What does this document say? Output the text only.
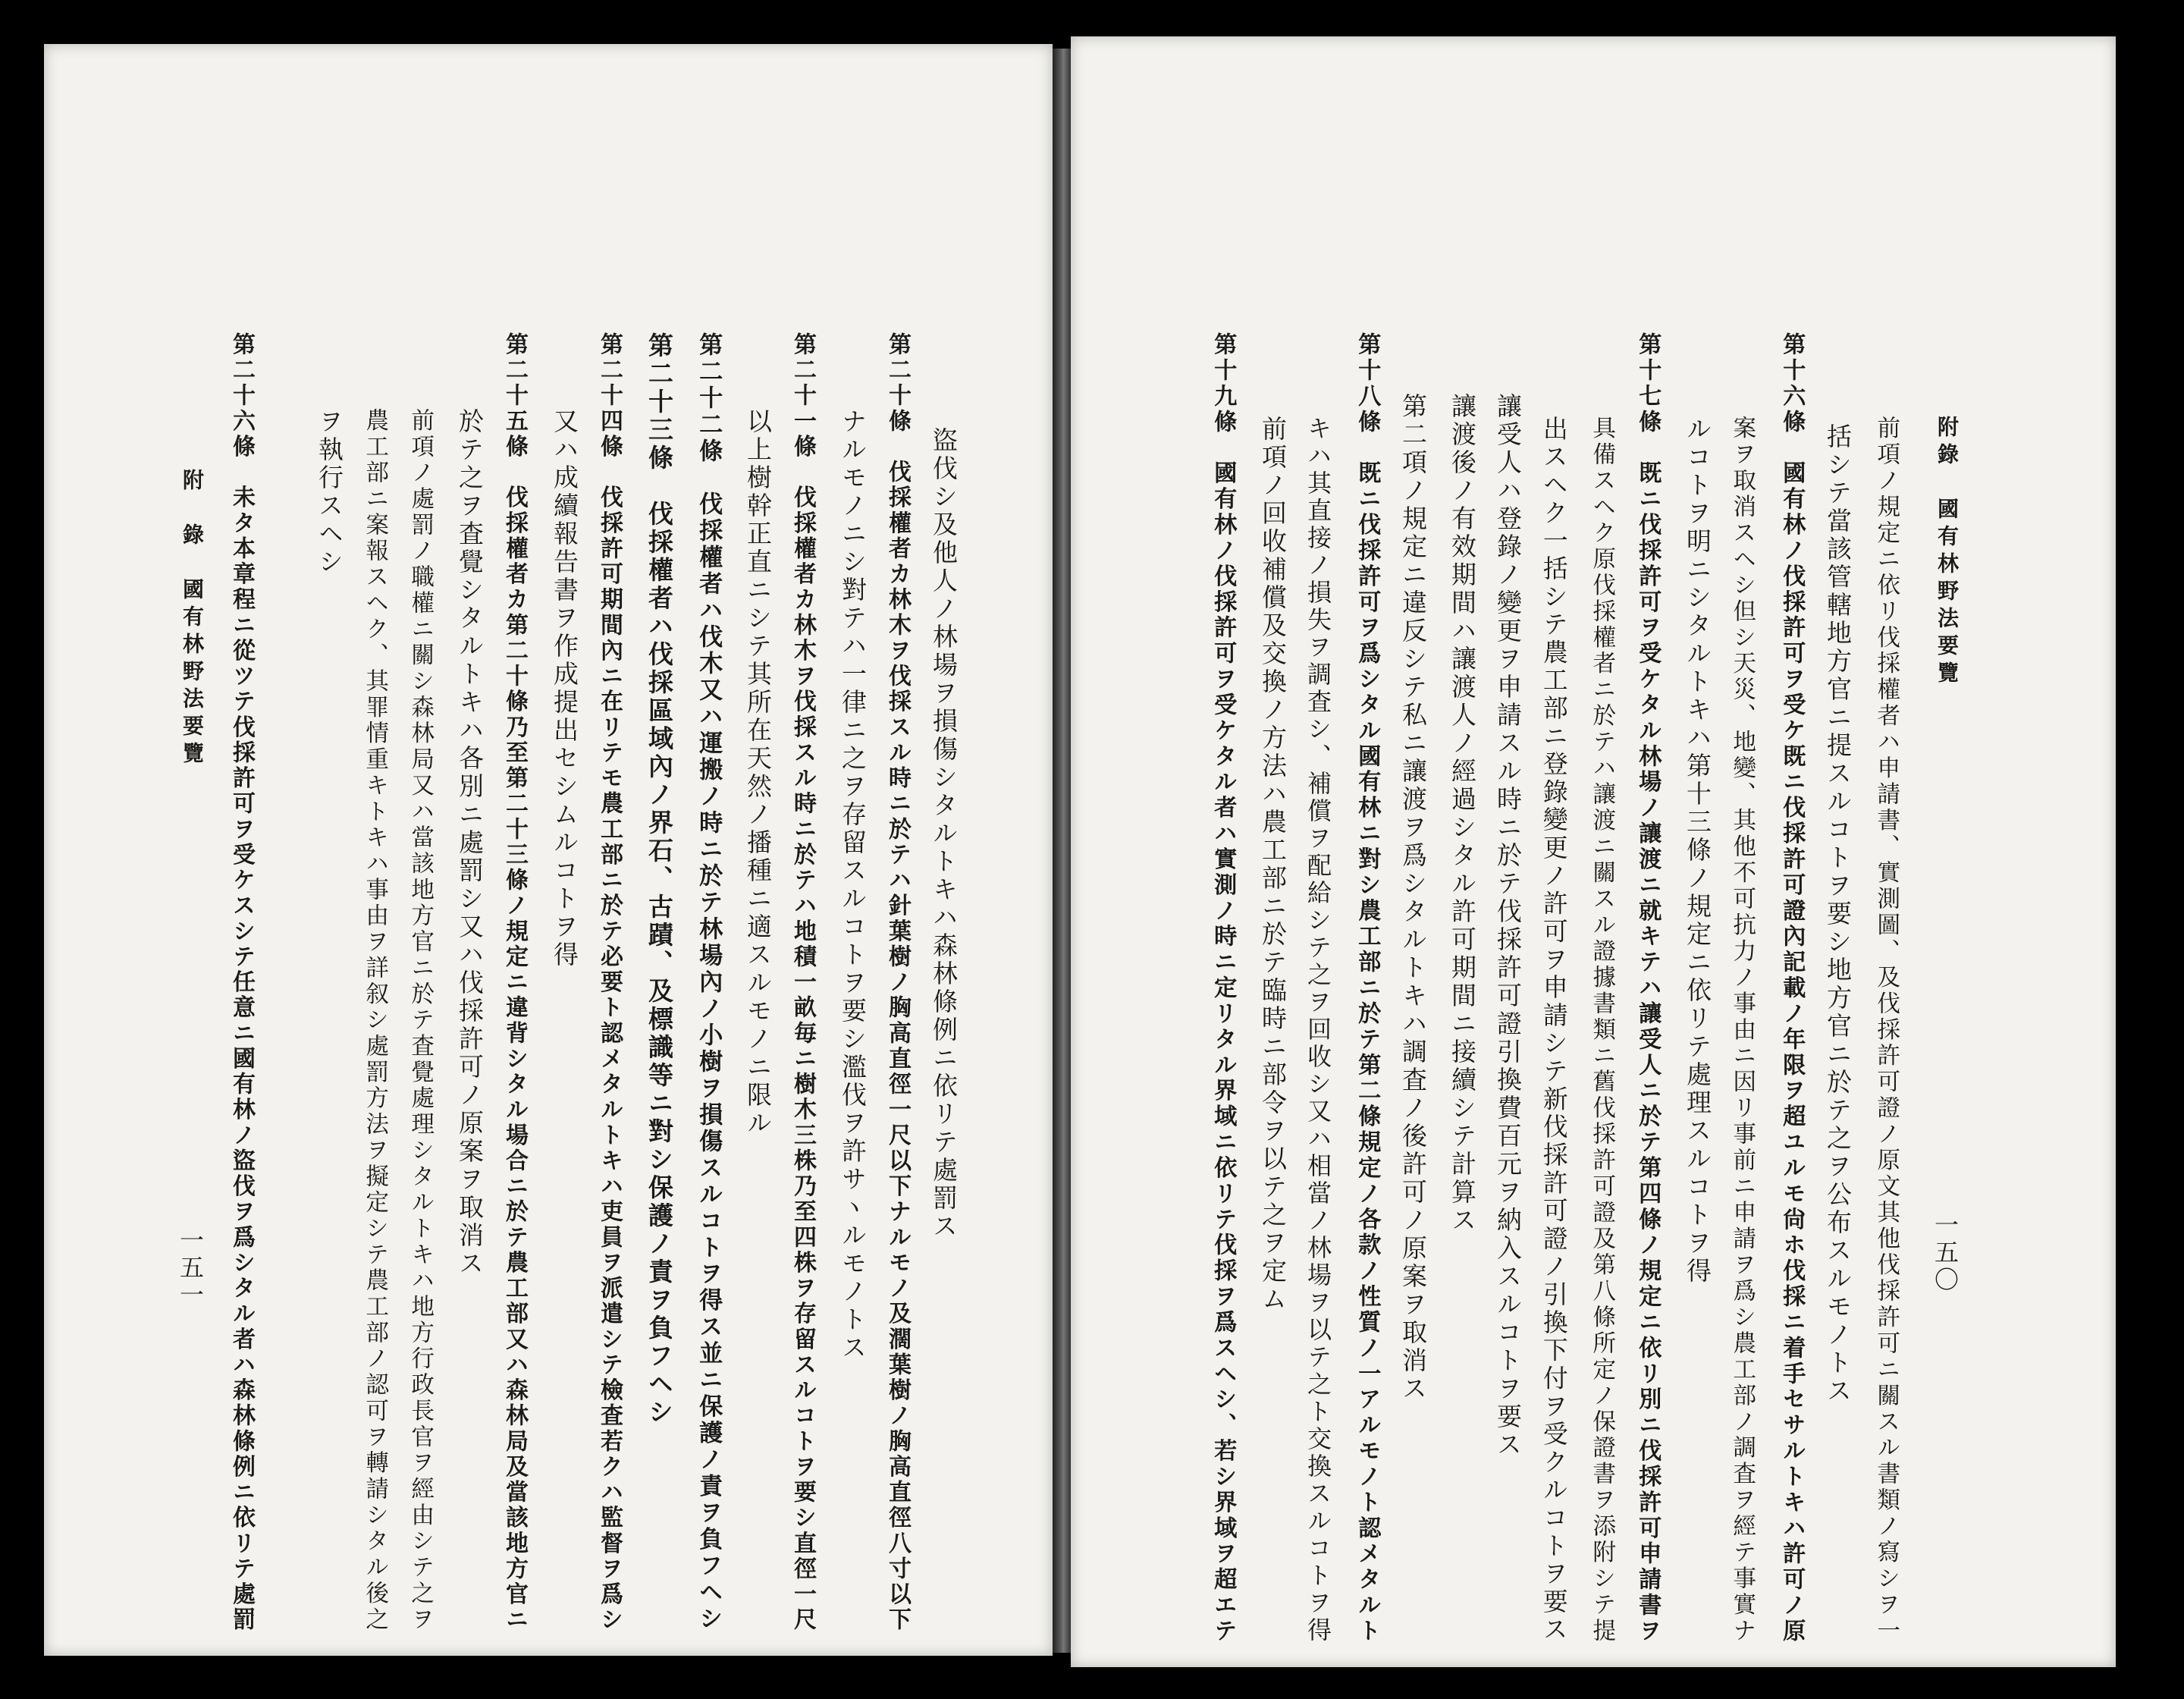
一五一
附　錄　國有林野法要覽	盜伐シ及他人ノ林場ヲ損傷シタルトキハ森林條例ニ依リテ處罰ス
第二十條　伐採權者カ林木ヲ伐採スル時ニ於テハ針葉樹ノ胸高直徑一尺以下ナルモノ及濶葉樹ノ胸高直徑八寸以下
ナルモノニシ對テハ一律ニ之ヲ存留スルコトヲ要シ濫伐ヲ許サヽルモノトス
第二十一條　伐採權者カ林木ヲ伐採スル時ニ於テハ地積一畝毎ニ樹木三株乃至四株ヲ存留スルコトヲ要シ直徑一尺
以上樹幹正直ニシテ其所在天然ノ播種ニ適スルモノニ限ル
第二十二條　伐採權者ハ伐木又ハ運搬ノ時ニ於テ林場內ノ小樹ヲ損傷スルコトヲ得ス並ニ保護ノ責ヲ負フヘシ
第二十三條　伐採權者ハ伐採區域內ノ界石、古蹟、及標識等ニ對シ保護ノ責ヲ負フヘシ
第二十四條　伐採許可期間內ニ在リテモ農工部ニ於テ必要ト認メタルトキハ吏員ヲ派遣シテ檢査若クハ監督ヲ爲シ
又ハ成續報告書ヲ作成提出セシムルコトヲ得
第二十五條　伐採權者カ第二十條乃至第二十三條ノ規定ニ違背シタル場合ニ於テ農工部又ハ森林局及當該地方官ニ
於テ之ヲ査覺シタルトキハ各別ニ處罰シ又ハ伐採許可ノ原案ヲ取消ス
前項ノ處罰ノ職權ニ關シ森林局又ハ當該地方官ニ於テ査覺處理シタルトキハ地方行政長官ヲ經由シテ之ヲ
農工部ニ案報スヘク、其罪情重キトキハ事由ヲ詳叙シ處罰方法ヲ擬定シテ農工部ノ認可ヲ轉請シタル後之
ヲ執行スヘシ
第二十六條　未タ本章程ニ從ツテ伐採許可ヲ受ケスシテ任意ニ國有林ノ盜伐ヲ爲シタル者ハ森林條例ニ依リテ處罰	一五〇
附錄　國有林野法要覽
前項ノ規定ニ依リ伐採權者ハ申請書、實測圖、及伐採許可證ノ原文其他伐採許可ニ關スル書類ノ寫シヲ一
括シテ當該管轄地方官ニ提スルコトヲ要シ地方官ニ於テ之ヲ公布スルモノトス
第十六條　國有林ノ伐採許可ヲ受ケ既ニ伐採許可證內記載ノ年限ヲ超ユルモ尙ホ伐採ニ着手セサルトキハ許可ノ原
案ヲ取消スヘシ但シ天災、地變、其他不可抗力ノ事由ニ因リ事前ニ申請ヲ爲シ農工部ノ調査ヲ經テ事實ナ
ルコトヲ明ニシタルトキハ第十三條ノ規定ニ依リテ處理スルコトヲ得
第十七條　既ニ伐採許可ヲ受ケタル林場ノ讓渡ニ就キテハ讓受人ニ於テ第四條ノ規定ニ依リ別ニ伐採許可申請書ヲ
具備スヘク原伐採權者ニ於テハ讓渡ニ關スル證據書類ニ舊伐採許可證及第八條所定ノ保證書ヲ添附シテ提
出スヘク一括シテ農工部ニ登錄變更ノ許可ヲ申請シテ新伐採許可證ノ引換下付ヲ受クルコトヲ要ス
讓受人ハ登錄ノ變更ヲ申請スル時ニ於テ伐採許可證引換費百元ヲ納入スルコトヲ要ス
讓渡後ノ有效期間ハ讓渡人ノ經過シタル許可期間ニ接續シテ計算ス
第二項ノ規定ニ違反シテ私ニ讓渡ヲ爲シタルトキハ調査ノ後許可ノ原案ヲ取消ス
第十八條　既ニ伐採許可ヲ爲シタル國有林ニ對シ農工部ニ於テ第二條規定ノ各款ノ性質ノ一アルモノト認メタルト
キハ其直接ノ損失ヲ調査シ、補償ヲ配給シテ之ヲ回收シ又ハ相當ノ林場ヲ以テ之ト交換スルコトヲ得
前項ノ回收補償及交換ノ方法ハ農工部ニ於テ臨時ニ部令ヲ以テ之ヲ定ム
第十九條　國有林ノ伐採許可ヲ受ケタル者ハ實測ノ時ニ定リタル界域ニ依リテ伐採ヲ爲スヘシ、若シ界域ヲ超エテ
